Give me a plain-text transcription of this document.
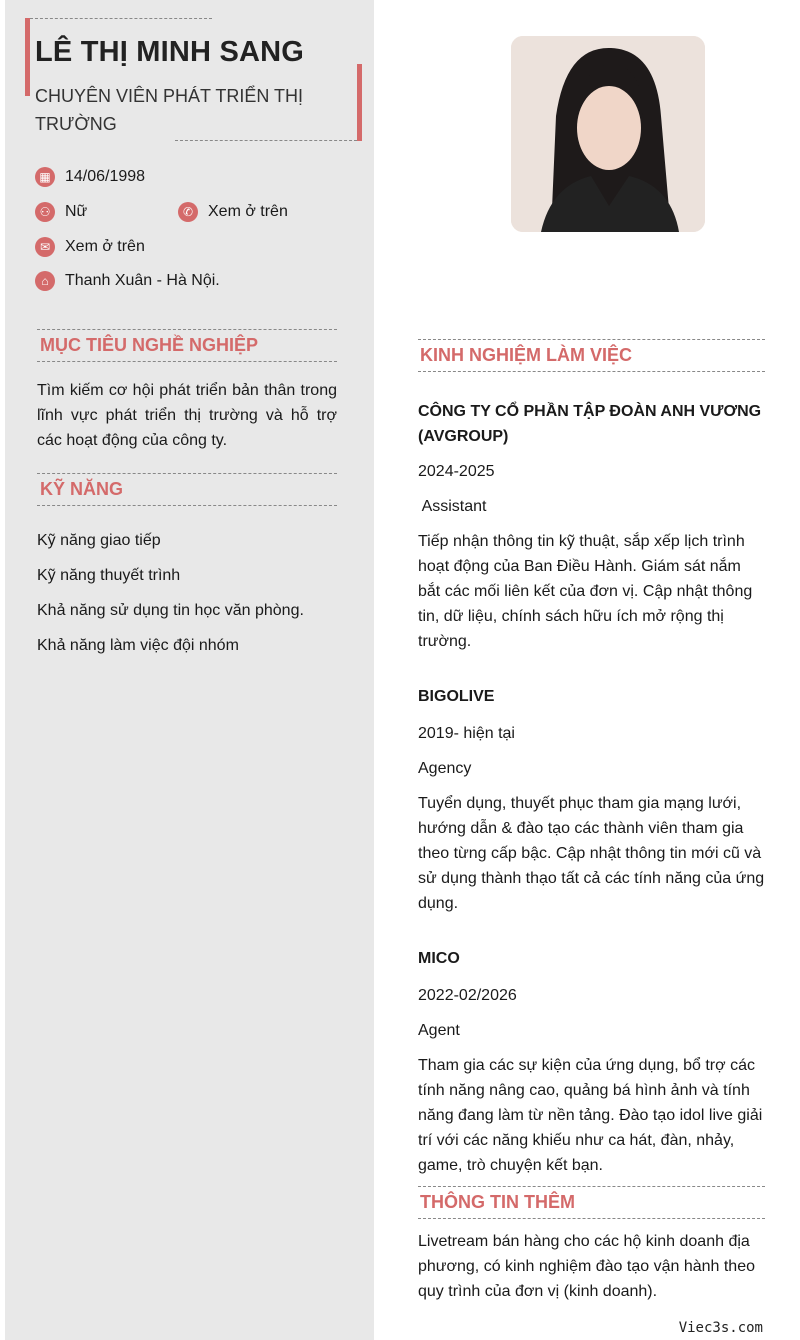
LÊ THỊ MINH SANG
CHUYÊN VIÊN PHÁT TRIỂN THỊ TRƯỜNG
▦ 14/06/1998
⚇ Nữ	✆ Xem ở trên
✉ Xem ở trên
⌂	Thanh Xuân - Hà Nội.
MỤC TIÊU NGHỀ NGHIỆP
Tìm kiếm cơ hội phát triển bản thân trong lĩnh vực phát triển thị trường và hỗ trợ các hoạt động của công ty.
KỸ NĂNG
Kỹ năng giao tiếp
Kỹ năng thuyết trình
Khả năng sử dụng tin học văn phòng.
Khả năng làm việc đội nhóm
KINH NGHIỆM LÀM VIỆC
CÔNG TY CỔ PHẦN TẬP ĐOÀN ANH VƯƠNG (AVGROUP)
2024-2025
Assistant
Tiếp nhận thông tin kỹ thuật, sắp xếp lịch trình hoạt động của Ban Điều Hành. Giám sát nắm bắt các mối liên kết của đơn vị. Cập nhật thông tin, dữ liệu, chính sách hữu ích mở rộng thị trường.
BIGOLIVE
2019- hiện tại
Agency
Tuyển dụng, thuyết phục tham gia mạng lưới, hướng dẫn & đào tạo các thành viên tham gia theo từng cấp bậc. Cập nhật thông tin mới cũ và sử dụng thành thạo tất cả các tính năng của ứng dụng.
MICO
2022-02/2026
Agent
Tham gia các sự kiện của ứng dụng, bổ trợ các tính năng nâng cao, quảng bá hình ảnh và tính năng đang làm từ nền tảng. Đào tạo idol live giải trí với các năng khiếu như ca hát, đàn, nhảy, game, trò chuyện kết bạn.
THÔNG TIN THÊM
Livetream bán hàng cho các hộ kinh doanh địa phương, có kinh nghiệm đào tạo vận hành theo quy trình của đơn vị (kinh doanh).
Viec3s.com
